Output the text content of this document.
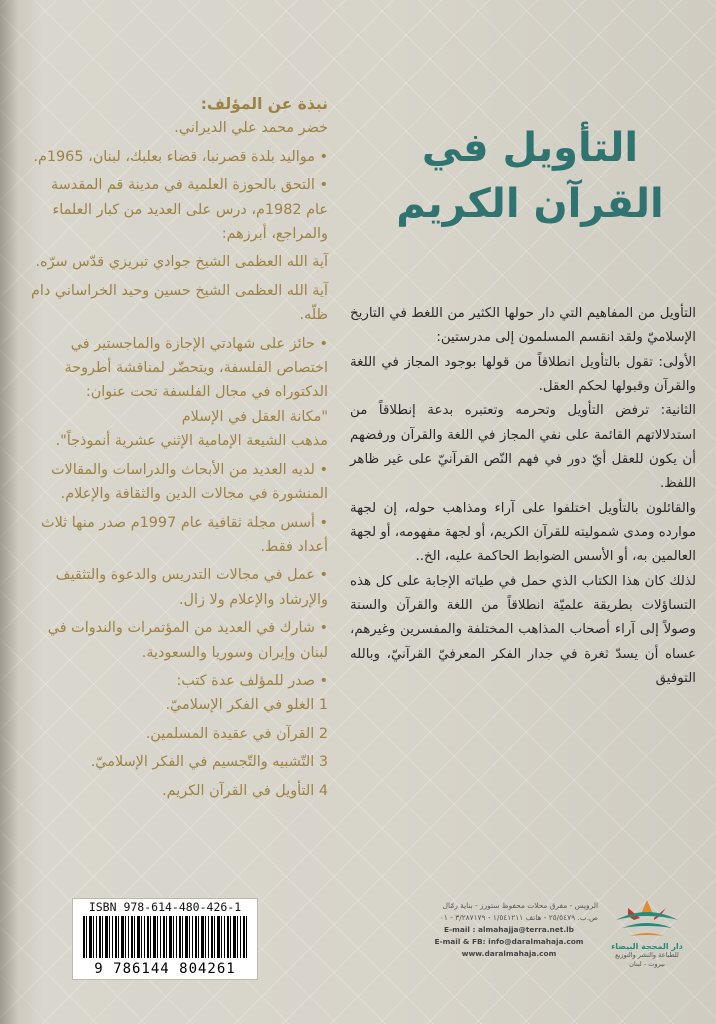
نبذة عن المؤلف:

خضر محمد علي الديراني.

• مواليد بلدة قصرنبا، قضاء بعلبك، لبنان، 1965م.

• التحق بالحوزة العلمية في مدينة قم المقدسة

عام 1982م، درس على العديد من كبار العلماء

والمراجع، أبرزهم:

آية الله العظمى الشيخ جوادي تبريزي قدّس سرّه.

آية الله العظمى الشيخ حسين وحيد الخراساني دام

ظلّه.

• حائز على شهادتي الإجازة والماجستير في

اختصاص الفلسفة، ويتحضّر لمناقشة أطروحة

الدكتوراه في مجال الفلسفة تحت عنوان:

"مكانة العقل في الإسلام

مذهب الشيعة الإمامية الإثني عشرية أنموذجاً".

• لديه العديد من الأبحاث والدراسات والمقالات

المنشورة في مجالات الدين والثقافة والإعلام.

• أسس مجلة ثقافية عام 1997م صدر منها ثلاث

أعداد فقط.

• عمل في مجالات التدريس والدعوة والتثقيف

والإرشاد والإعلام ولا زال.

• شارك في العديد من المؤتمرات والندوات في

لبنان وإيران وسوريا والسعودية.

• صدر للمؤلف عدة كتب:

1 الغلو في الفكر الإسلاميّ.

2 القرآن في عقيدة المسلمين.

3 التّشبيه والتّجسيم في الفكر الإسلاميّ.

4 التأويل في القرآن الكريم.

التأويل في
القرآن الكريم

التأويل من المفاهيم التي دار حولها الكثير من اللغط في التاريخ الإسلاميّ ولقد انقسم المسلمون إلى مدرستين:

الأولى: تقول بالتأويل انطلاقاً من قولها بوجود المجاز في اللغة والقرآن وقبولها لحكم العقل.

الثانية: ترفض التأويل وتحرمه وتعتبره بدعة إنطلاقاً من استدلالاتهم القائمة على نفي المجاز في اللغة والقرآن ورفضهم أن يكون للعقل أيّ دور في فهم النّص القرآنيّ على غير ظاهر اللفظ.

والقائلون بالتأويل اختلفوا على آراء ومذاهب حوله، إن لجهة موارده ومدى شموليته للقرآن الكريم، أو لجهة مفهومه، أو لجهة العالمين به، أو الأسس الضوابط الحاكمة عليه، الخ..

لذلك كان هذا الكتاب الذي حمل في طياته الإجابة على كل هذه التساؤلات بطريقة علميّة انطلاقاً من اللغة والقرآن والسنة وصولاً إلى آراء أصحاب المذاهب المختلفة والمفسرين وغيرهم، عساه أن يسدّ ثغرة في جدار الفكر المعرفيّ القرآنيّ، وبالله التوفيق

ISBN 978-614-480-426-1
9 786144 804261
الرويس - مفرق محلات محفوظ ستورز - بناية رمّال
ص.ب. ٢٥/٥٤٧٩ - هاتف ١/٥٤١٢١١ - ٣/٢٨٧١٧٩ - ٠١
E-mail : almahajja@terra.net.lb
E-mail & FB: info@daralmahaja.com
www.daralmahaja.com
دار المحجة البيضاء
للطباعة والنشر والتوزيع
بيروت - لبنان
